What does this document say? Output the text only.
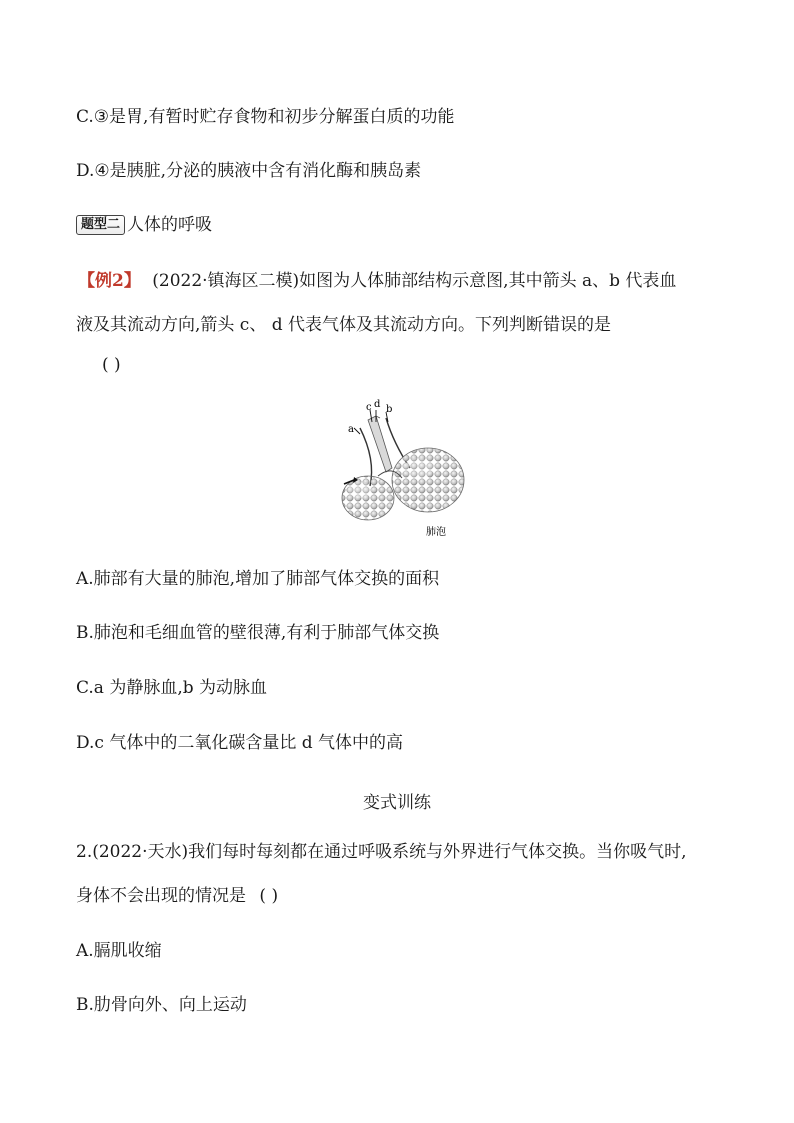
C.③是胃,有暂时贮存食物和初步分解蛋白质的功能
D.④是胰脏,分泌的胰液中含有消化酶和胰岛素
题型二 人体的呼吸
【例2】 (2022·镇海区二模)如图为人体肺部结构示意图,其中箭头 a、b 代表血
液及其流动方向,箭头 c、 d 代表气体及其流动方向。下列判断错误的是
( )
a
c d b
肺泡
A.肺部有大量的肺泡,增加了肺部气体交换的面积
B.肺泡和毛细血管的壁很薄,有利于肺部气体交换
C.a 为静脉血,b 为动脉血
D.c 气体中的二氧化碳含量比 d 气体中的高
变式训练
2.(2022·天水)我们每时每刻都在通过呼吸系统与外界进行气体交换。当你吸气时,
身体不会出现的情况是 ( )
A.膈肌收缩
B.肋骨向外、向上运动
